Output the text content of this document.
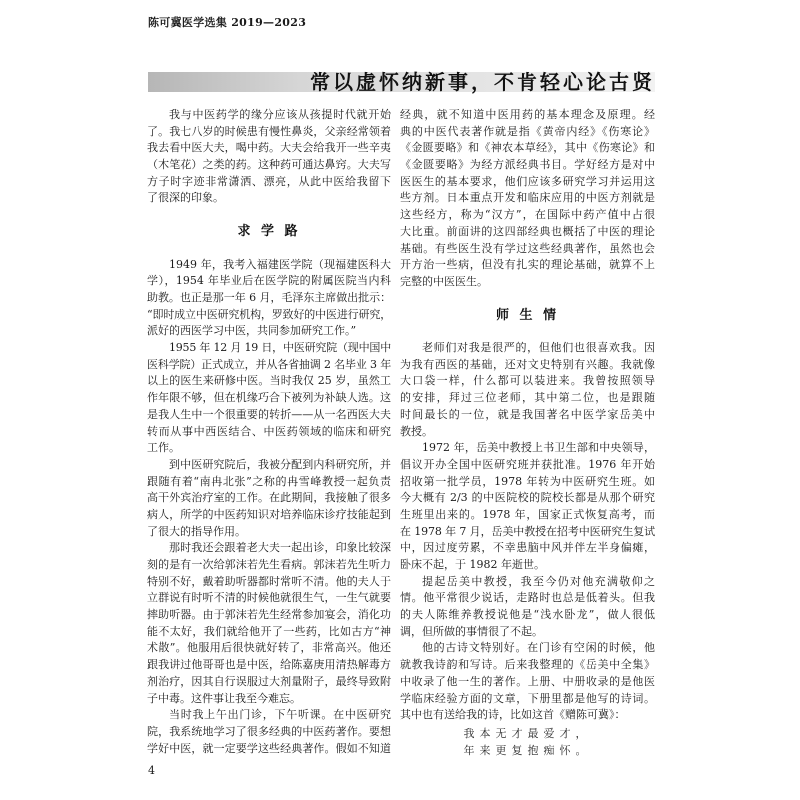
陈可冀医学选集 2019—2023
常以虚怀纳新事，不肯轻心论古贤
我与中医药学的缘分应该从孩提时代就开始
了。我七八岁的时候患有慢性鼻炎，父亲经常领着
我去看中医大夫，喝中药。大夫会给我开一些辛夷
（木笔花）之类的药。这种药可通达鼻窍。大夫写
方子时字迹非常潇洒、漂亮，从此中医给我留下
了很深的印象。
求 学 路
1949 年，我考入福建医学院（现福建医科大
学），1954 年毕业后在医学院的附属医院当内科
助教。也正是那一年 6 月，毛泽东主席做出批示：
“即时成立中医研究机构，罗致好的中医进行研究，
派好的西医学习中医，共同参加研究工作。”
1955 年 12 月 19 日，中医研究院（现中国中
医科学院）正式成立，并从各省抽调 2 名毕业 3 年
以上的医生来研修中医。当时我仅 25 岁，虽然工
作年限不够，但在机缘巧合下被列为补缺人选。这
是我人生中一个很重要的转折——从一名西医大夫
转而从事中西医结合、中医药领域的临床和研究
工作。
到中医研究院后，我被分配到内科研究所，并
跟随有着“南冉北张”之称的冉雪峰教授一起负责
高干外宾治疗室的工作。在此期间，我接触了很多
病人，所学的中医药知识对培养临床诊疗技能起到
了很大的指导作用。
那时我还会跟着老大夫一起出诊，印象比较深
刻的是有一次给郭沫若先生看病。郭沫若先生听力
特别不好，戴着助听器都时常听不清。他的夫人于
立群说有时听不清的时候他就很生气，一生气就要
摔助听器。由于郭沫若先生经常参加宴会，消化功
能不太好，我们就给他开了一些药，比如古方“神
术散”。他服用后很快就好转了，非常高兴。他还
跟我讲过他哥哥也是中医，给陈嘉庚用清热解毒方
剂治疗，因其自行误服过大剂量附子，最终导致附
子中毒。这件事让我至今难忘。
当时我上午出门诊，下午听课。在中医研究
院，我系统地学习了很多经典的中医药著作。要想
学好中医，就一定要学这些经典著作。假如不知道
经典，就不知道中医用药的基本理念及原理。经
典的中医代表著作就是指《黄帝内经》《伤寒论》
《金匮要略》和《神农本草经》，其中《伤寒论》和
《金匮要略》为经方派经典书目。学好经方是对中
医医生的基本要求，他们应该多研究学习并运用这
些方剂。日本重点开发和临床应用的中医方剂就是
这些经方，称为“汉方”，在国际中药产值中占很
大比重。前面讲的这四部经典也概括了中医的理论
基础。有些医生没有学过这些经典著作，虽然也会
开方治一些病，但没有扎实的理论基础，就算不上
完整的中医医生。
师 生 情
老师们对我是很严的，但他们也很喜欢我。因
为我有西医的基础，还对文史特别有兴趣。我就像
大口袋一样，什么都可以装进来。我曾按照领导
的安排，拜过三位老师，其中第二位，也是跟随
时间最长的一位，就是我国著名中医学家岳美中
教授。
1972 年，岳美中教授上书卫生部和中央领导，
倡议开办全国中医研究班并获批准。1976 年开始
招收第一批学员，1978 年转为中医研究生班。如
今大概有 2/3 的中医院校的院校长都是从那个研究
生班里出来的。1978 年，国家正式恢复高考，而
在 1978 年 7 月，岳美中教授在招考中医研究生复试
中，因过度劳累，不幸患脑中风并伴左半身偏瘫，
卧床不起，于 1982 年逝世。
提起岳美中教授，我至今仍对他充满敬仰之
情。他平常很少说话，走路时也总是低着头。但我
的夫人陈维养教授说他是“浅水卧龙”，做人很低
调，但所做的事情很了不起。
他的古诗文特别好。在门诊有空闲的时候，他
就教我诗韵和写诗。后来我整理的《岳美中全集》
中收录了他一生的著作。上册、中册收录的是他医
学临床经验方面的文章，下册里都是他写的诗词。
其中也有送给我的诗，比如这首《赠陈可冀》：
我本无才最爱才，
年来更复抱痴怀。
4
